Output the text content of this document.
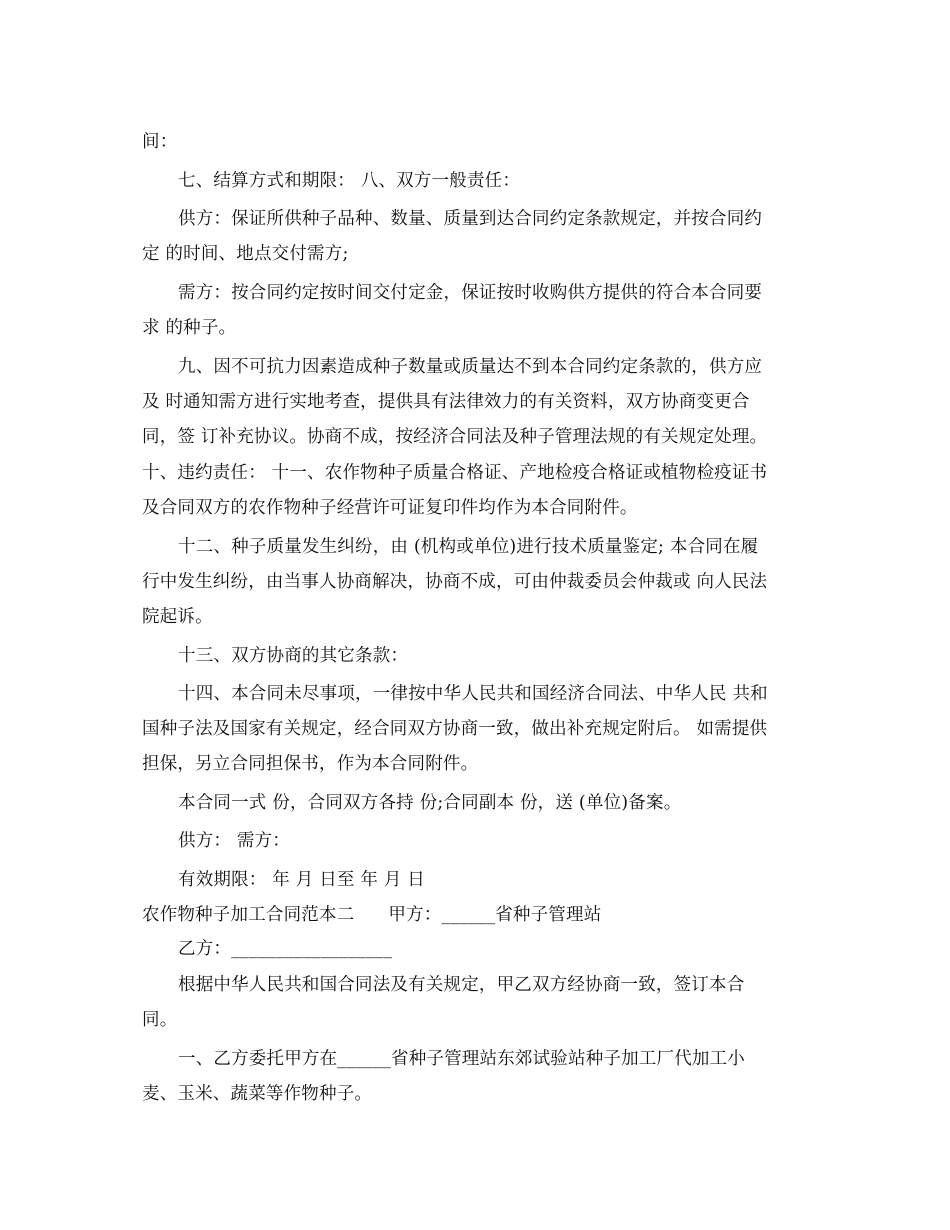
间：
七、结算方式和期限： 八、双方一般责任：
供方：保证所供种子品种、数量、质量到达合同约定条款规定，并按合同约
定 的时间、地点交付需方;
需方：按合同约定按时间交付定金，保证按时收购供方提供的符合本合同要
求 的种子。
九、因不可抗力因素造成种子数量或质量达不到本合同约定条款的，供方应
及 时通知需方进行实地考查，提供具有法律效力的有关资料，双方协商变更合
同，签 订补充协议。协商不成，按经济合同法及种子管理法规的有关规定处理。
十、违约责任： 十一、农作物种子质量合格证、产地检疫合格证或植物检疫证书
及合同双方的农作物种子经营许可证复印件均作为本合同附件。
十二、种子质量发生纠纷，由 (机构或单位)进行技术质量鉴定; 本合同在履
行中发生纠纷，由当事人协商解决，协商不成，可由仲裁委员会仲裁或 向人民法
院起诉。
十三、双方协商的其它条款：
十四、本合同未尽事项，一律按中华人民共和国经济合同法、中华人民 共和
国种子法及国家有关规定，经合同双方协商一致，做出补充规定附后。 如需提供
担保，另立合同担保书，作为本合同附件。
本合同一式 份，合同双方各持 份;合同副本 份，送 (单位)备案。
供方： 需方：
有效期限： 年 月 日至 年 月 日
农作物种子加工合同范本二 甲方：______省种子管理站
乙方：__________________
根据中华人民共和国合同法及有关规定，甲乙双方经协商一致，签订本合
同。
一、乙方委托甲方在______省种子管理站东郊试验站种子加工厂代加工小
麦、玉米、蔬菜等作物种子。
